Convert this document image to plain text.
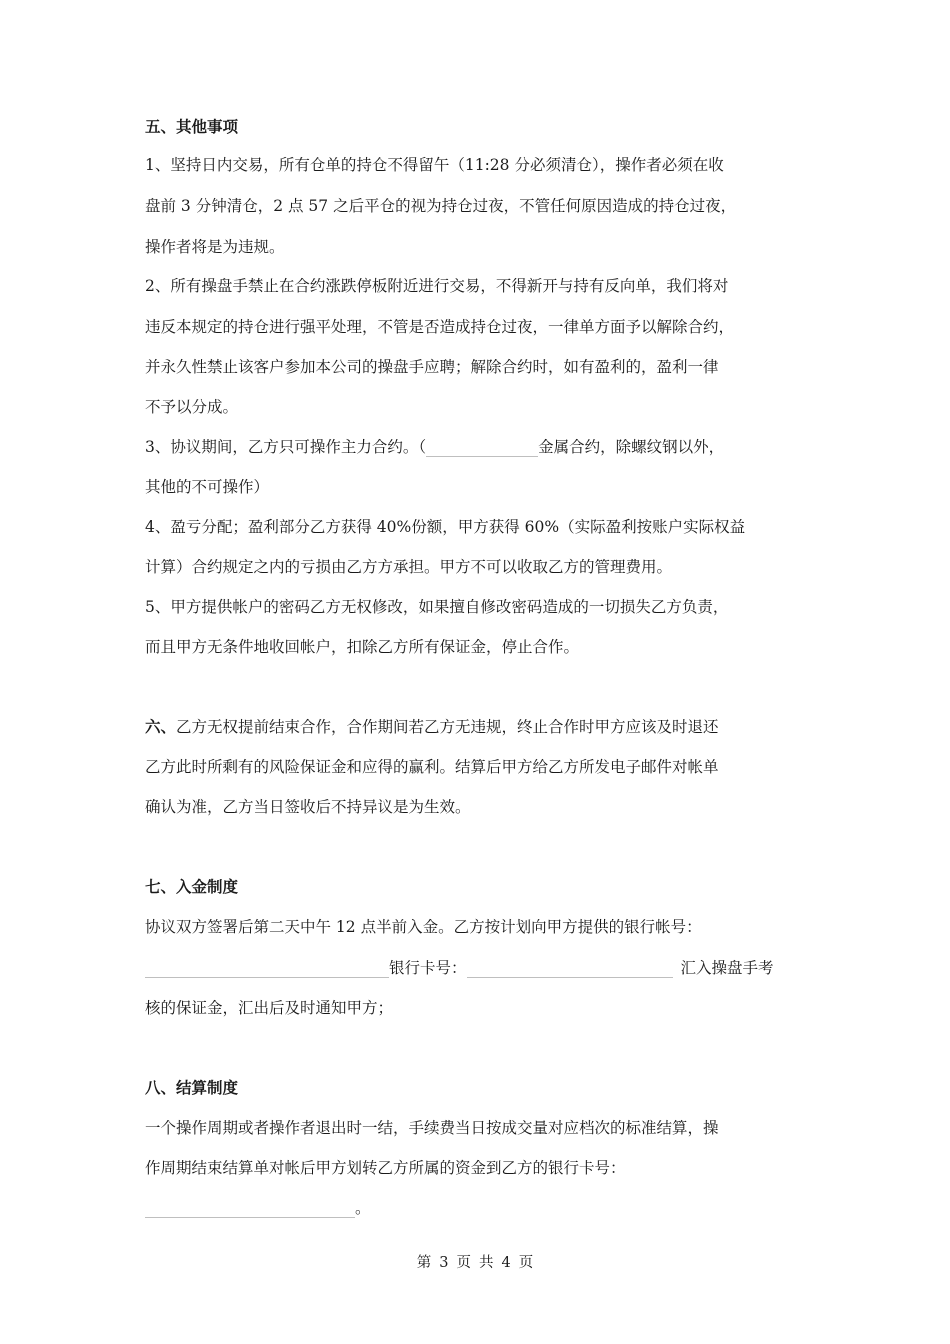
五、其他事项
1、坚持日内交易，所有仓单的持仓不得留午（11:28 分必须清仓），操作者必须在收
盘前 3 分钟清仓，2 点 57 之后平仓的视为持仓过夜，不管任何原因造成的持仓过夜，
操作者将是为违规。
2、所有操盘手禁止在合约涨跌停板附近进行交易，不得新开与持有反向单，我们将对
违反本规定的持仓进行强平处理，不管是否造成持仓过夜，一律单方面予以解除合约，
并永久性禁止该客户参加本公司的操盘手应聘；解除合约时，如有盈利的，盈利一律
不予以分成。
3、协议期间，乙方只可操作主力合约。（	金属合约，除螺纹钢以外，
其他的不可操作）
4、盈亏分配；盈利部分乙方获得 40%份额，甲方获得 60%（实际盈利按账户实际权益
计算）合约规定之内的亏损由乙方方承担。甲方不可以收取乙方的管理费用。
5、甲方提供帐户的密码乙方无权修改，如果擅自修改密码造成的一切损失乙方负责，
而且甲方无条件地收回帐户，扣除乙方所有保证金，停止合作。
六、乙方无权提前结束合作，合作期间若乙方无违规，终止合作时甲方应该及时退还
乙方此时所剩有的风险保证金和应得的赢利。结算后甲方给乙方所发电子邮件对帐单
确认为准，乙方当日签收后不持异议是为生效。
七、入金制度
协议双方签署后第二天中午 12 点半前入金。乙方按计划向甲方提供的银行帐号：
银行卡号：	汇入操盘手考
核的保证金，汇出后及时通知甲方；
八、结算制度
一个操作周期或者操作者退出时一结，手续费当日按成交量对应档次的标准结算，操
作周期结束结算单对帐后甲方划转乙方所属的资金到乙方的银行卡号：
。
第 3 页 共 4 页
